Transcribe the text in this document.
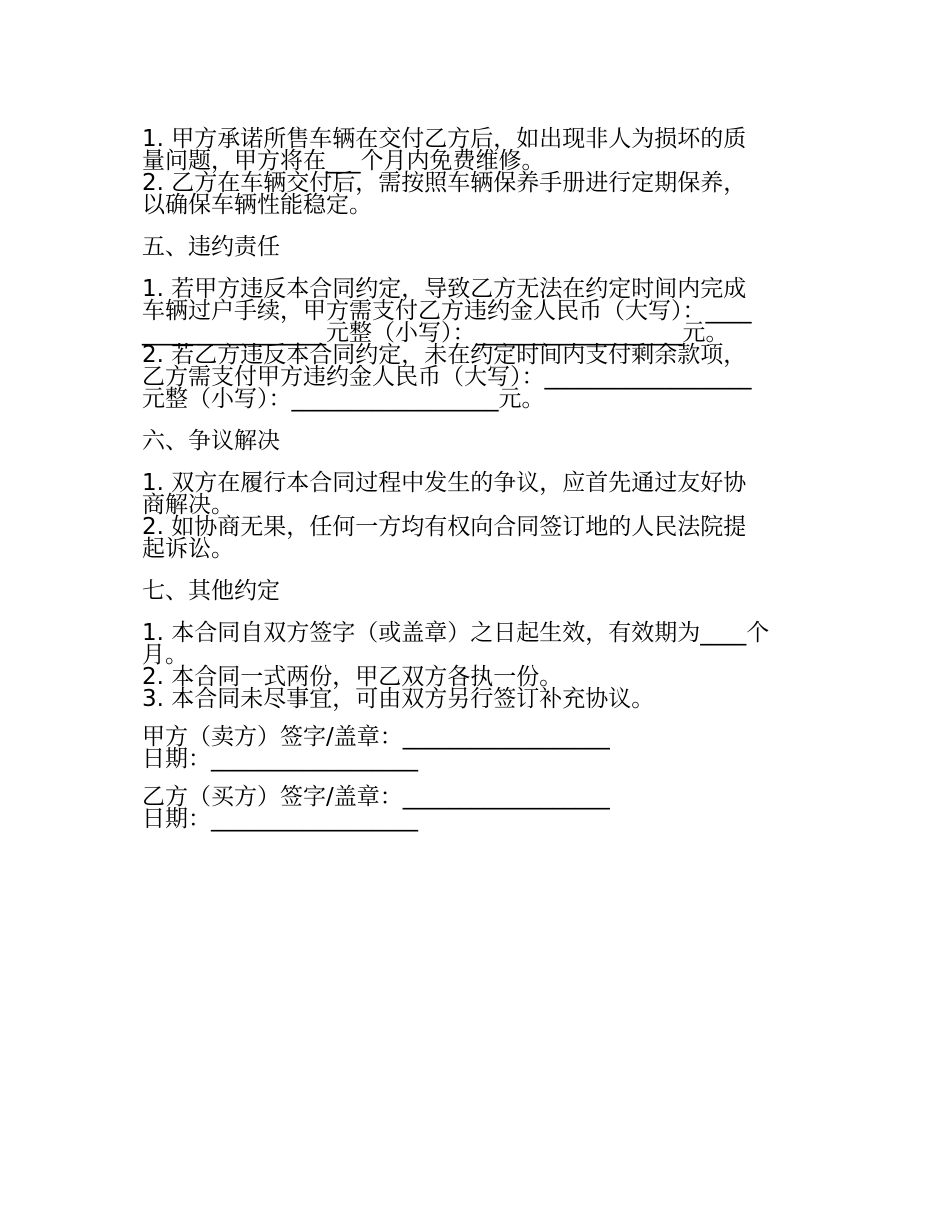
1. 甲方承诺所售车辆在交付乙方后，如出现非人为损坏的质
量问题，甲方将在___个月内免费维修。
2. 乙方在车辆交付后，需按照车辆保养手册进行定期保养，
以确保车辆性能稳定。
五、违约责任
1. 若甲方违反本合同约定，导致乙方无法在约定时间内完成
车辆过户手续，甲方需支付乙方违约金人民币（大写）：____
________________元整（小写）：__________________元。
2. 若乙方违反本合同约定，未在约定时间内支付剩余款项，
乙方需支付甲方违约金人民币（大写）：__________________
元整（小写）：__________________元。
六、争议解决
1. 双方在履行本合同过程中发生的争议，应首先通过友好协
商解决。
2. 如协商无果，任何一方均有权向合同签订地的人民法院提
起诉讼。
七、其他约定
1. 本合同自双方签字（或盖章）之日起生效，有效期为____个
月。
2. 本合同一式两份，甲乙双方各执一份。
3. 本合同未尽事宜，可由双方另行签订补充协议。
甲方（卖方）签字/盖章：__________________
日期：__________________
乙方（买方）签字/盖章：__________________
日期：__________________
